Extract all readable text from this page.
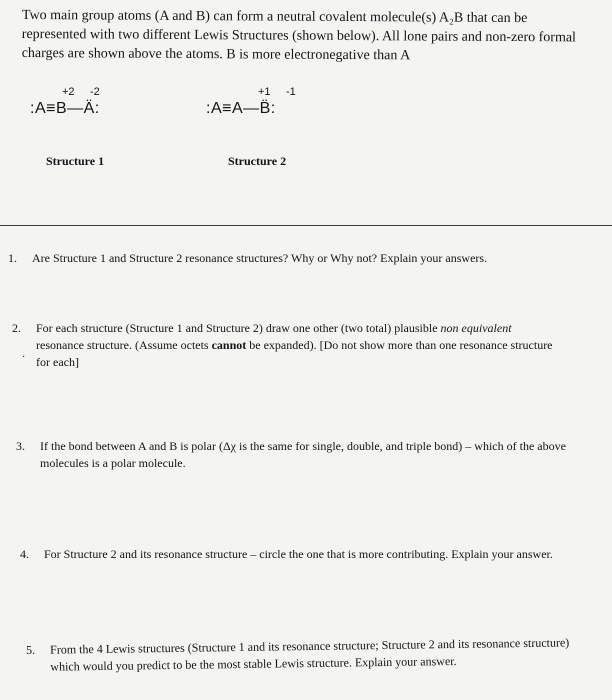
Two main group atoms (A and B) can form a neutral covalent molecule(s) A₂B that can be represented with two different Lewis Structures (shown below). All lone pairs and non-zero formal charges are shown above the atoms. B is more electronegative than A
+2 -2
:A≡B—Ä:
+1 -1
:A≡A—B̈:
Structure 1	Structure 2
1. Are Structure 1 and Structure 2 resonance structures? Why or Why not? Explain your answers.
2. For each structure (Structure 1 and Structure 2) draw one other (two total) plausible non equivalent resonance structure. (Assume octets cannot be expanded). [Do not show more than one resonance structure for each]
·
3. If the bond between A and B is polar (Δχ is the same for single, double, and triple bond) – which of the above molecules is a polar molecule.
4. For Structure 2 and its resonance structure – circle the one that is more contributing. Explain your answer.
5. From the 4 Lewis structures (Structure 1 and its resonance structure; Structure 2 and its resonance structure) which would you predict to be the most stable Lewis structure. Explain your answer.
